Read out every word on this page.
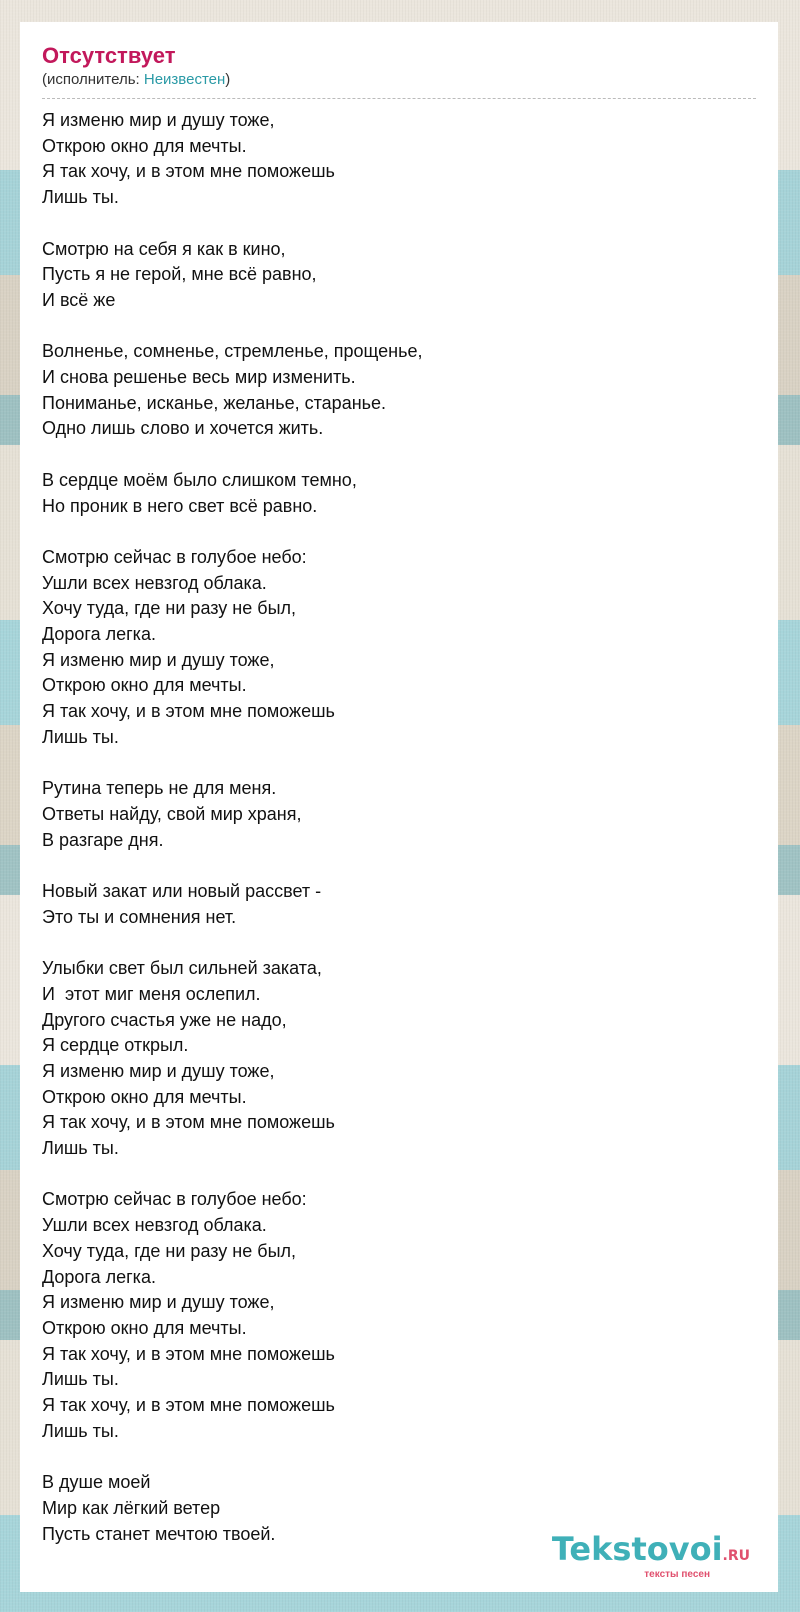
Отсутствует
(исполнитель: Неизвестен)
Я изменю мир и душу тоже,
Открою окно для мечты.
Я так хочу, и в этом мне поможешь
Лишь ты.
Смотрю на себя я как в кино,
Пусть я не герой, мне всё равно,
И всё же
Волненье, сомненье, стремленье, прощенье,
И снова решенье весь мир изменить.
Пониманье, исканье, желанье, старанье.
Одно лишь слово и хочется жить.
В сердце моём было слишком темно,
Но проник в него свет всё равно.
Смотрю сейчас в голубое небо:
Ушли всех невзгод облака.
Хочу туда, где ни разу не был,
Дорога легка.
Я изменю мир и душу тоже,
Открою окно для мечты.
Я так хочу, и в этом мне поможешь
Лишь ты.
Рутина теперь не для меня.
Ответы найду, свой мир храня,
В разгаре дня.
Новый закат или новый рассвет -
Это ты и сомнения нет.
Улыбки свет был сильней заката,
И  этот миг меня ослепил.
Другого счастья уже не надо,
Я сердце открыл.
Я изменю мир и душу тоже,
Открою окно для мечты.
Я так хочу, и в этом мне поможешь
Лишь ты.
Смотрю сейчас в голубое небо:
Ушли всех невзгод облака.
Хочу туда, где ни разу не был,
Дорога легка.
Я изменю мир и душу тоже,
Открою окно для мечты.
Я так хочу, и в этом мне поможешь
Лишь ты.
Я так хочу, и в этом мне поможешь
Лишь ты.
В душе моей
Мир как лёгкий ветер
Пусть станет мечтою твоей.	Tekstovoi.RU
тексты песен
